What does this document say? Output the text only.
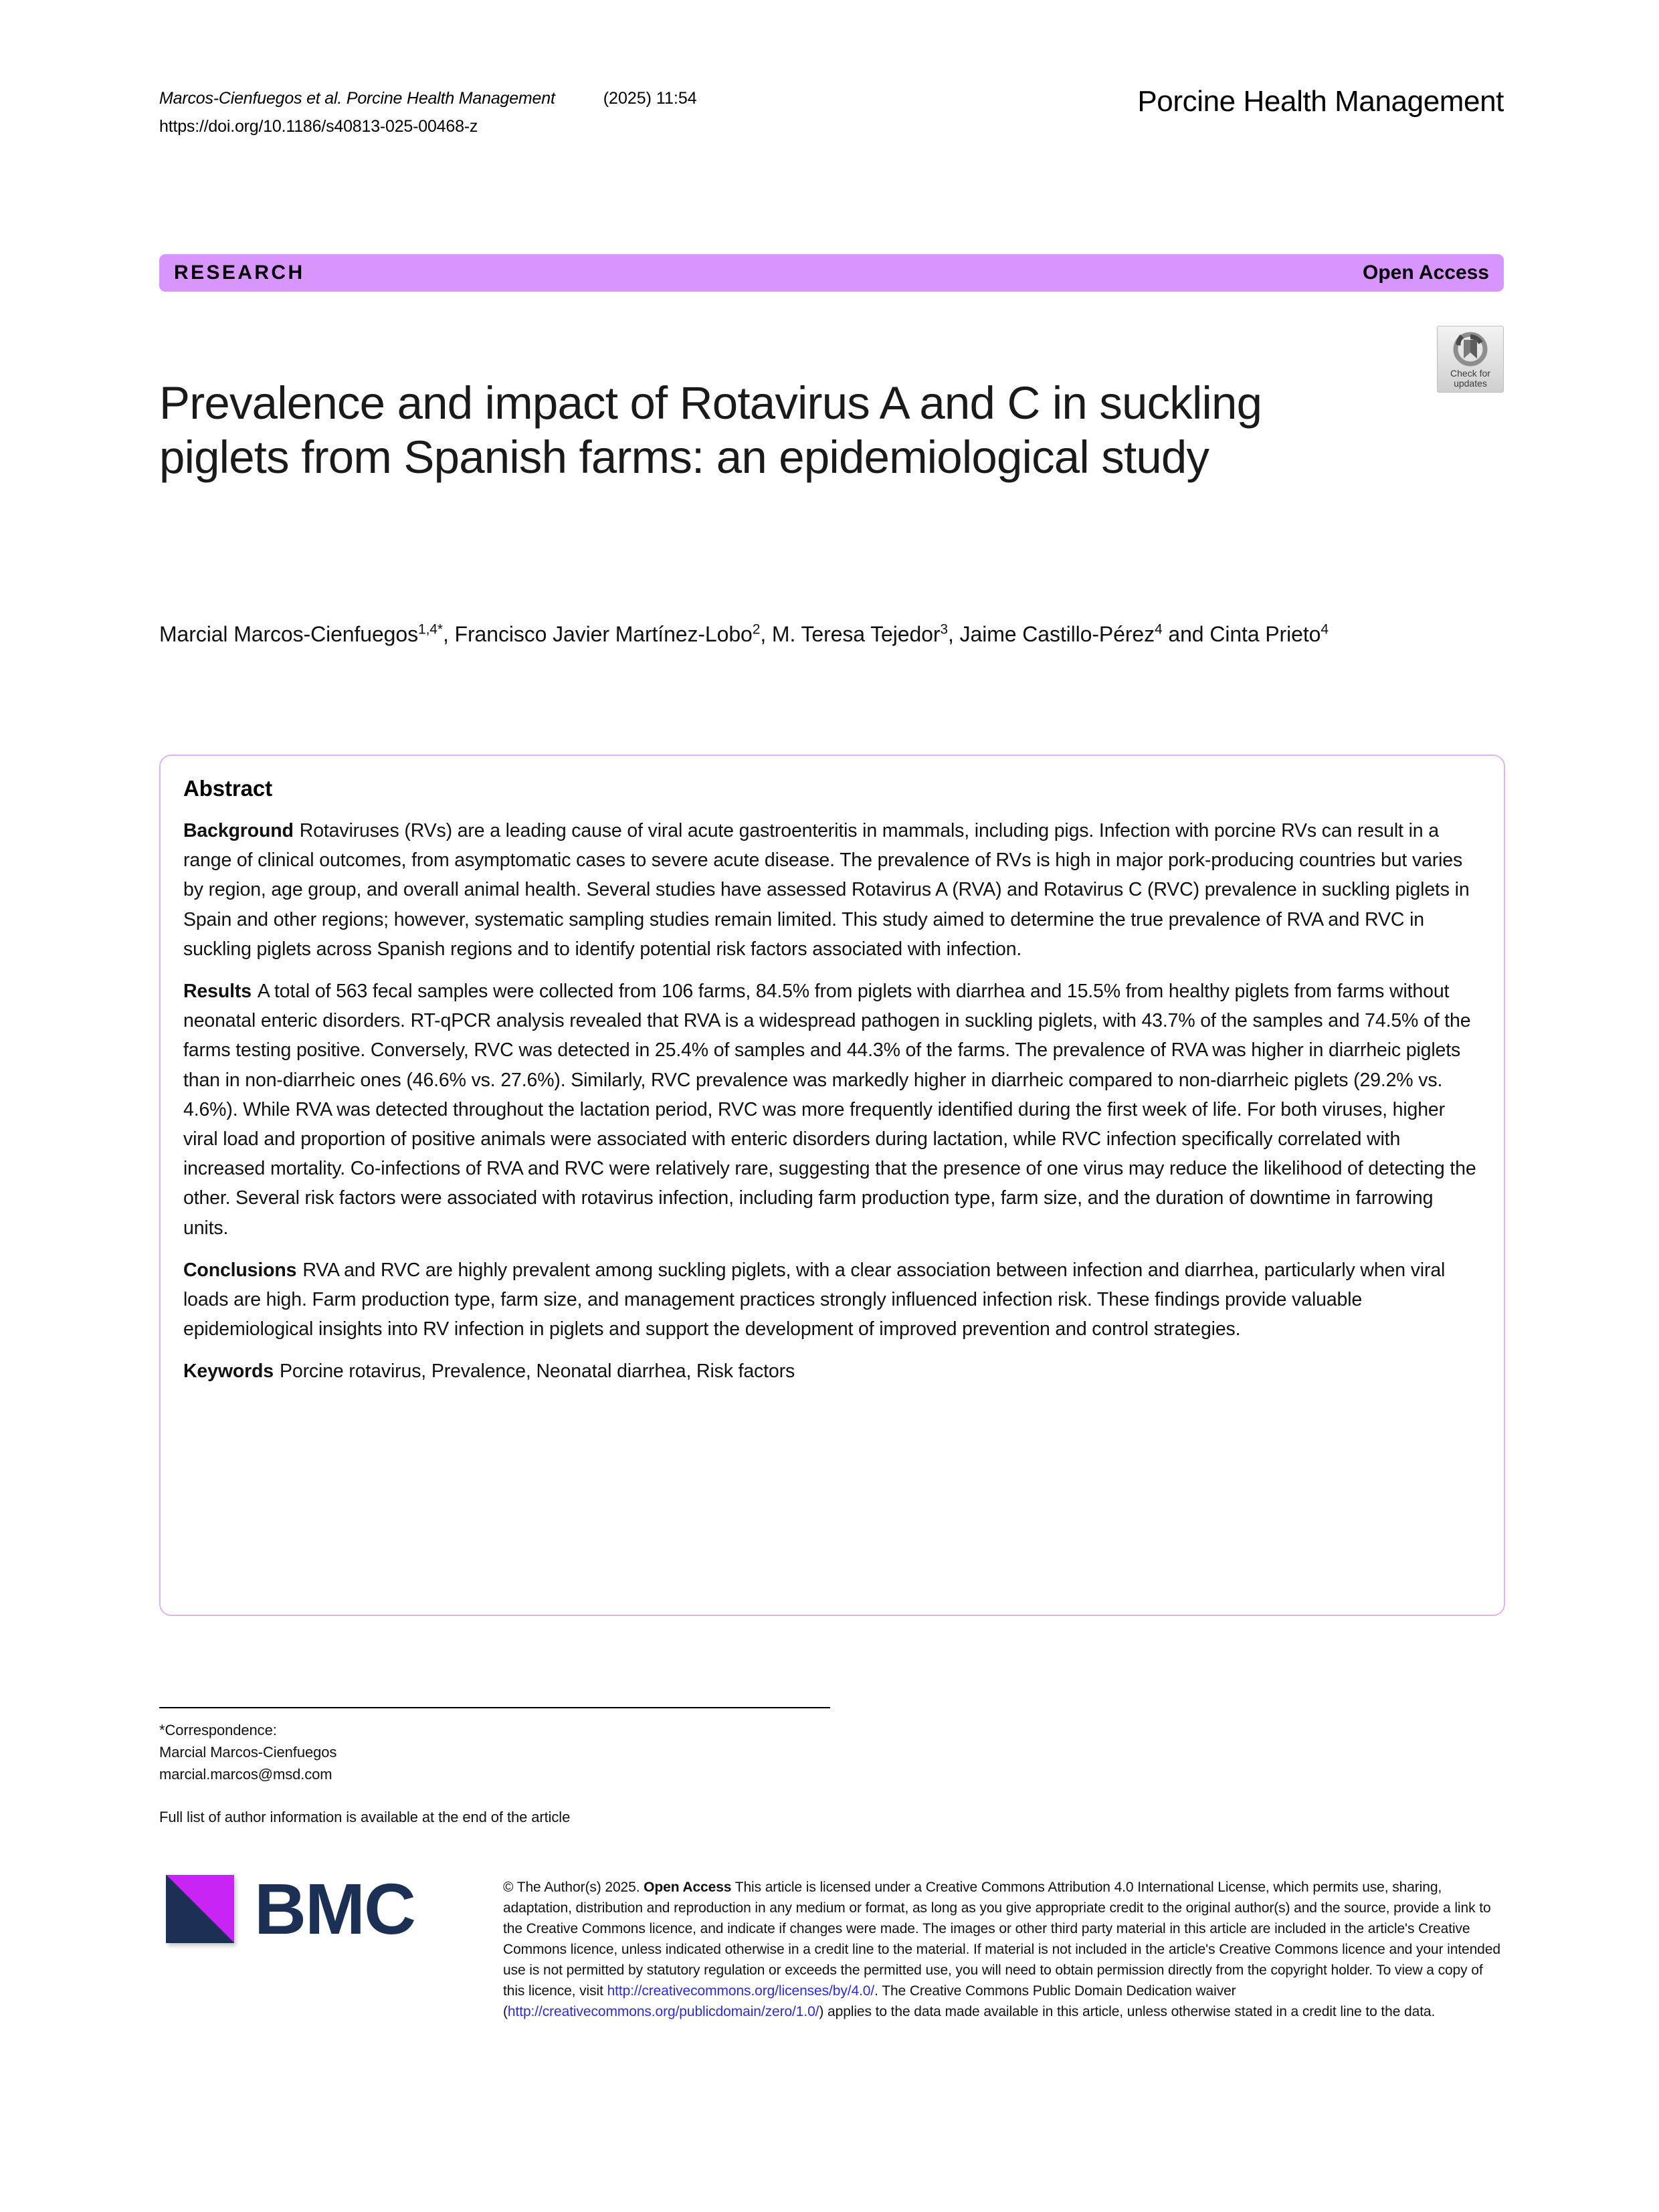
Marcos-Cienfuegos et al. Porcine Health Management	(2025) 11:54
https://doi.org/10.1186/s40813-025-00468-z
Porcine Health Management
RESEARCH	Open Access
Check for
updates
Prevalence and impact of Rotavirus A and C in suckling piglets from Spanish farms: an epidemiological study
Marcial Marcos-Cienfuegos$^{1,4*}$, Francisco Javier Martínez-Lobo$^2$, M. Teresa Tejedor$^3$, Jaime Castillo-Pérez$^4$ and Cinta Prieto$^4$
Abstract

Background Rotaviruses (RVs) are a leading cause of viral acute gastroenteritis in mammals, including pigs. Infection with porcine RVs can result in a range of clinical outcomes, from asymptomatic cases to severe acute disease. The prevalence of RVs is high in major pork-producing countries but varies by region, age group, and overall animal health. Several studies have assessed Rotavirus A (RVA) and Rotavirus C (RVC) prevalence in suckling piglets in Spain and other regions; however, systematic sampling studies remain limited. This study aimed to determine the true prevalence of RVA and RVC in suckling piglets across Spanish regions and to identify potential risk factors associated with infection.

Results A total of 563 fecal samples were collected from 106 farms, 84.5% from piglets with diarrhea and 15.5% from healthy piglets from farms without neonatal enteric disorders. RT-qPCR analysis revealed that RVA is a widespread pathogen in suckling piglets, with 43.7% of the samples and 74.5% of the farms testing positive. Conversely, RVC was detected in 25.4% of samples and 44.3% of the farms. The prevalence of RVA was higher in diarrheic piglets than in non-diarrheic ones (46.6% vs. 27.6%). Similarly, RVC prevalence was markedly higher in diarrheic compared to non-diarrheic piglets (29.2% vs. 4.6%). While RVA was detected throughout the lactation period, RVC was more frequently identified during the first week of life. For both viruses, higher viral load and proportion of positive animals were associated with enteric disorders during lactation, while RVC infection specifically correlated with increased mortality. Co-infections of RVA and RVC were relatively rare, suggesting that the presence of one virus may reduce the likelihood of detecting the other. Several risk factors were associated with rotavirus infection, including farm production type, farm size, and the duration of downtime in farrowing units.

Conclusions RVA and RVC are highly prevalent among suckling piglets, with a clear association between infection and diarrhea, particularly when viral loads are high. Farm production type, farm size, and management practices strongly influenced infection risk. These findings provide valuable epidemiological insights into RV infection in piglets and support the development of improved prevention and control strategies.

Keywords Porcine rotavirus, Prevalence, Neonatal diarrhea, Risk factors

*Correspondence:
Marcial Marcos-Cienfuegos
marcial.marcos@msd.com
Full list of author information is available at the end of the article
BMC	© The Author(s) 2025. Open Access This article is licensed under a Creative Commons Attribution 4.0 International License, which permits use, sharing, adaptation, distribution and reproduction in any medium or format, as long as you give appropriate credit to the original author(s) and the source, provide a link to the Creative Commons licence, and indicate if changes were made. The images or other third party material in this article are included in the article's Creative Commons licence, unless indicated otherwise in a credit line to the material. If material is not included in the article's Creative Commons licence and your intended use is not permitted by statutory regulation or exceeds the permitted use, you will need to obtain permission directly from the copyright holder. To view a copy of this licence, visit http://creativecommons.org/licenses/by/4.0/. The Creative Commons Public Domain Dedication waiver (http://creativecommons.org/publicdomain/zero/1.0/) applies to the data made available in this article, unless otherwise stated in a credit line to the data.
